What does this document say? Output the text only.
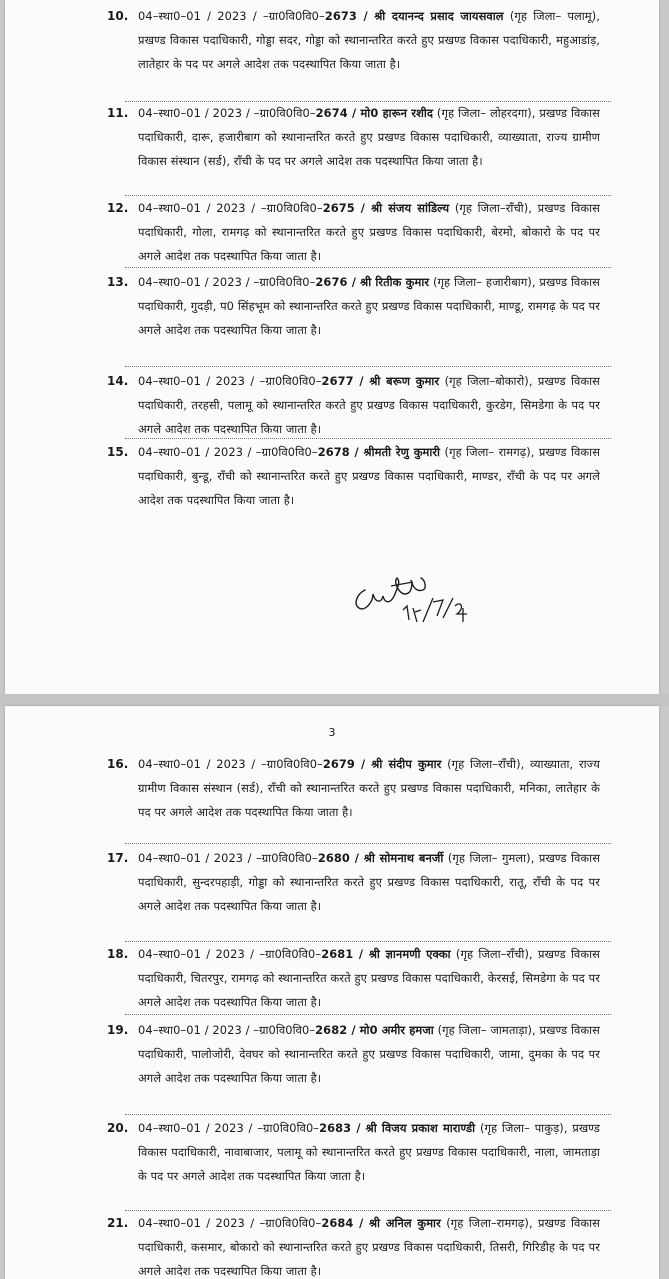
10. 04–स्था0–01 / 2023 / –ग्रा0वि0वि0–2673 / श्री दयानन्द प्रसाद जायसवाल (गृह जिला– पलामू), प्रखण्ड विकास पदाधिकारी, गोड्डा सदर, गोड्डा को स्थानान्तरित करते हुए प्रखण्ड विकास पदाधिकारी, महुआडांड़, लातेहार के पद पर अगले आदेश तक पदस्थापित किया जाता है।
11. 04–स्था0–01 / 2023 / –ग्रा0वि0वि0–2674 / मो0 हारून रशीद (गृह जिला– लोहरदगा), प्रखण्ड विकास पदाधिकारी, दारू, हजारीबाग को स्थानान्तरित करते हुए प्रखण्ड विकास पदाधिकारी, व्याख्याता, राज्य ग्रामीण विकास संस्थान (सर्ड), राँची के पद पर अगले आदेश तक पदस्थापित किया जाता है।
12. 04–स्था0–01 / 2023 / –ग्रा0वि0वि0–2675 / श्री संजय सांडिल्य (गृह जिला–राँची), प्रखण्ड विकास पदाधिकारी, गोला, रामगढ़ को स्थानान्तरित करते हुए प्रखण्ड विकास पदाधिकारी, बेरमो, बोकारो के पद पर अगले आदेश तक पदस्थापित किया जाता है।
13. 04–स्था0–01 / 2023 / –ग्रा0वि0वि0–2676 / श्री रितीक कुमार (गृह जिला– हजारीबाग), प्रखण्ड विकास पदाधिकारी, गुदड़ी, प0 सिंहभूम को स्थानान्तरित करते हुए प्रखण्ड विकास पदाधिकारी, माण्डू, रामगढ़ के पद पर अगले आदेश तक पदस्थापित किया जाता है।
14. 04–स्था0–01 / 2023 / –ग्रा0वि0वि0–2677 / श्री बरूण कुमार (गृह जिला–बोकारो), प्रखण्ड विकास पदाधिकारी, तरहसी, पलामू को स्थानान्तरित करते हुए प्रखण्ड विकास पदाधिकारी, कुरडेग, सिमडेगा के पद पर अगले आदेश तक पदस्थापित किया जाता है।
15. 04–स्था0–01 / 2023 / –ग्रा0वि0वि0–2678 / श्रीमती रेणु कुमारी (गृह जिला– रामगढ़), प्रखण्ड विकास पदाधिकारी, बुन्डू, राँची को स्थानान्तरित करते हुए प्रखण्ड विकास पदाधिकारी, माण्डर, राँची के पद पर अगले आदेश तक पदस्थापित किया जाता है।
3
16. 04–स्था0–01 / 2023 / –ग्रा0वि0वि0–2679 / श्री संदीप कुमार (गृह जिला–राँची), व्याख्याता, राज्य ग्रामीण विकास संस्थान (सर्ड), राँची को स्थानान्तरित करते हुए प्रखण्ड विकास पदाधिकारी, मनिका, लातेहार के पद पर अगले आदेश तक पदस्थापित किया जाता है।
17. 04–स्था0–01 / 2023 / –ग्रा0वि0वि0–2680 / श्री सोमनाथ बनर्जी (गृह जिला– गुमला), प्रखण्ड विकास पदाधिकारी, सुन्दरपहाड़ी, गोड्डा को स्थानान्तरित करते हुए प्रखण्ड विकास पदाधिकारी, रातू, राँची के पद पर अगले आदेश तक पदस्थापित किया जाता है।
18. 04–स्था0–01 / 2023 / –ग्रा0वि0वि0–2681 / श्री ज्ञानमणी एक्का (गृह जिला–राँची), प्रखण्ड विकास पदाधिकारी, चितरपुर, रामगढ़ को स्थानान्तरित करते हुए प्रखण्ड विकास पदाधिकारी, केरसई, सिमडेगा के पद पर अगले आदेश तक पदस्थापित किया जाता है।
19. 04–स्था0–01 / 2023 / –ग्रा0वि0वि0–2682 / मो0 अमीर हमजा (गृह जिला– जामताड़ा), प्रखण्ड विकास पदाधिकारी, पालोजोरी, देवघर को स्थानान्तरित करते हुए प्रखण्ड विकास पदाधिकारी, जामा, दुमका के पद पर अगले आदेश तक पदस्थापित किया जाता है।
20. 04–स्था0–01 / 2023 / –ग्रा0वि0वि0–2683 / श्री विजय प्रकाश माराण्डी (गृह जिला– पाकुड़), प्रखण्ड विकास पदाधिकारी, नावाबाजार, पलामू को स्थानान्तरित करते हुए प्रखण्ड विकास पदाधिकारी, नाला, जामताड़ा के पद पर अगले आदेश तक पदस्थापित किया जाता है।
21. 04–स्था0–01 / 2023 / –ग्रा0वि0वि0–2684 / श्री अनिल कुमार (गृह जिला–रामगढ़), प्रखण्ड विकास पदाधिकारी, कसमार, बोकारो को स्थानान्तरित करते हुए प्रखण्ड विकास पदाधिकारी, तिसरी, गिरिडीह के पद पर अगले आदेश तक पदस्थापित किया जाता है।
